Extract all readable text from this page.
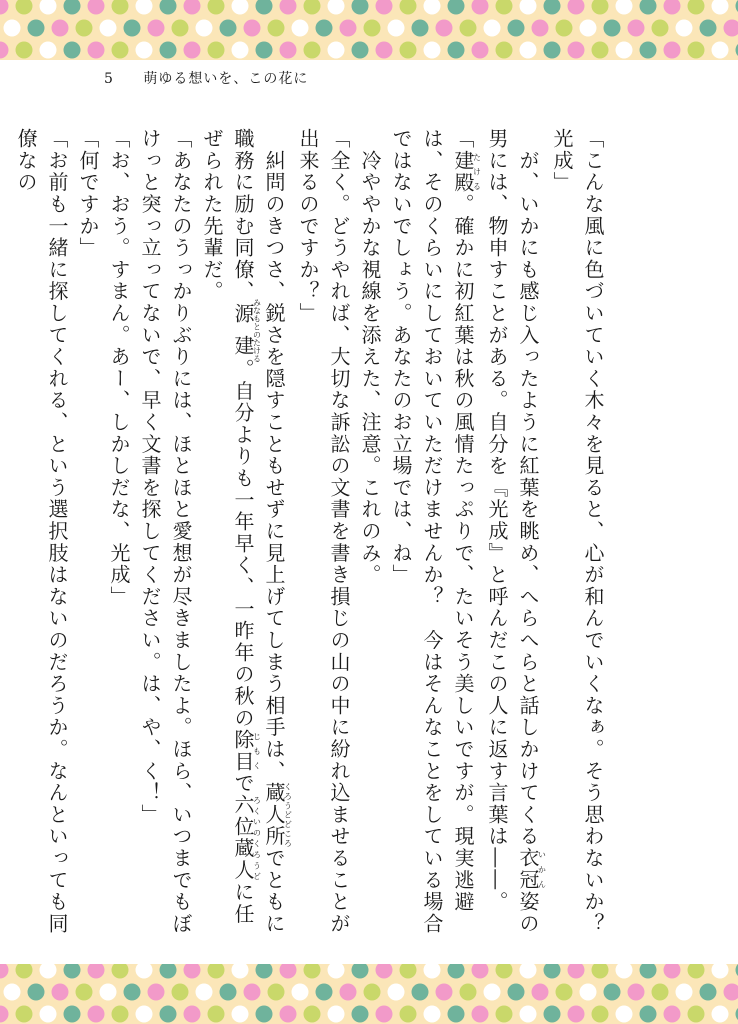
5 萌ゆる想いを、この花に

「こんな風に色づいていく木々を見ると、心が和んでいくなぁ。そう思わないか？　光成」

　が、いかにも感じ入ったように紅葉を眺め、へらへらと話しかけてくる衣冠いかん姿の男には、物申すことがある。自分を『光成』と呼んだこの人に返す言葉は――。

「建殿たける。確かに初紅葉は秋の風情たっぷりで、たいそう美しいですが。現実逃避は、そのくらいにしておいていただけませんか？　今はそんなことをしている場合ではないでしょう。あなたのお立場では、ね」

　冷ややかな視線を添えた、注意。これのみ。

「全く。どうやれば、大切な訴訟の文書を書き損じの山の中に紛れ込ませることが出来るのですか？」

　糾問のきつさ、鋭さを隠すこともせずに見上げてしまう相手は、蔵人所くろうどどころでともに職務に励む同僚、源建みなもとのたける。自分よりも一年早く、一昨年の秋の除目じもくで六位蔵人ろくいのくろうどに任ぜられた先輩だ。

「あなたのうっかりぶりには、ほとほと愛想が尽きましたよ。ほら、いつまでもぼけっと突っ立ってないで、早く文書を探してください。は、や、く！」

「お、おう。すまん。あー、しかしだな、光成」

「何ですか」

「お前も一緒に探してくれる、という選択肢はないのだろうか。なんといっても同僚なの
